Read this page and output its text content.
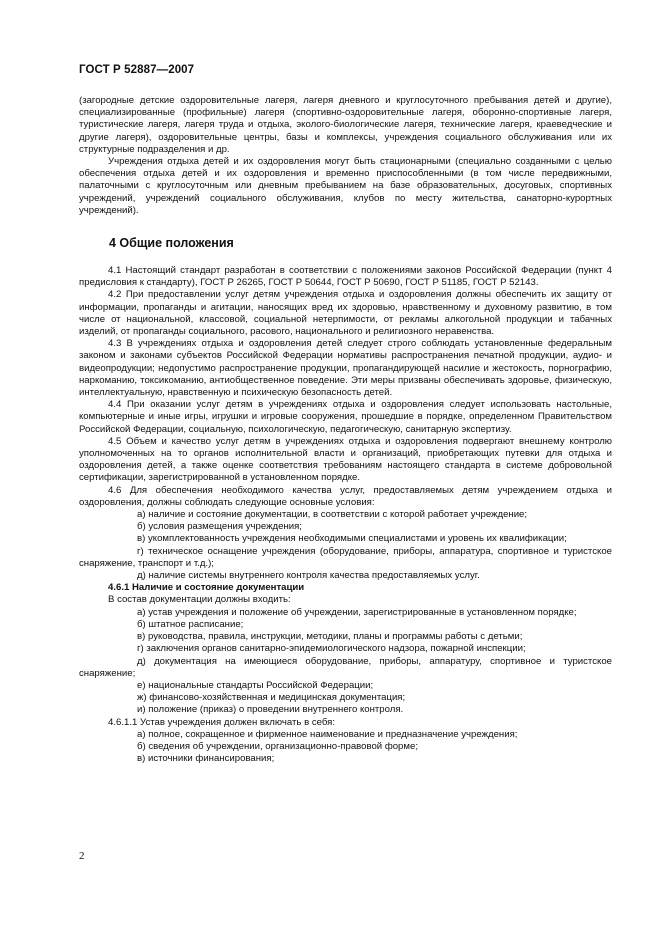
ГОСТ Р 52887—2007

(загородные детские оздоровительные лагеря, лагеря дневного и круглосуточного пребывания детей и другие), специализированные (профильные) лагеря (спортивно-оздоровительные лагеря, оборонно-спортивные лагеря, туристические лагеря, лагеря труда и отдыха, эколого-биологические лагеря, технические лагеря, краеведческие и другие лагеря), оздоровительные центры, базы и комплексы, учреждения социального обслуживания или их структурные подразделения и др.

Учреждения отдыха детей и их оздоровления могут быть стационарными (специально созданными с целью обеспечения отдыха детей и их оздоровления и временно приспособленными (в том числе передвижными, палаточными с круглосуточным или дневным пребыванием на базе образовательных, досуговых, спортивных учреждений, учреждений социального обслуживания, клубов по месту жительства, санаторно-курортных учреждений).

4 Общие положения

4.1 Настоящий стандарт разработан в соответствии с положениями законов Российской Федерации (пункт 4 предисловия к стандарту), ГОСТ Р 26265, ГОСТ Р 50644, ГОСТ Р 50690, ГОСТ Р 51185, ГОСТ Р 52143.

4.2 При предоставлении услуг детям учреждения отдыха и оздоровления должны обеспечить их защиту от информации, пропаганды и агитации, наносящих вред их здоровью, нравственному и духовному развитию, в том числе от национальной, классовой, социальной нетерпимости, от рекламы алкогольной продукции и табачных изделий, от пропаганды социального, расового, национального и религиозного неравенства.

4.3 В учреждениях отдыха и оздоровления детей следует строго соблюдать установленные федеральным законом и законами субъектов Российской Федерации нормативы распространения печатной продукции, аудио- и видеопродукции; недопустимо распространение продукции, пропагандирующей насилие и жестокость, порнографию, наркоманию, токсикоманию, антиобщественное поведение. Эти меры призваны обеспечивать здоровье, физическую, интеллектуальную, нравственную и психическую безопасность детей.

4.4 При оказании услуг детям в учреждениях отдыха и оздоровления следует использовать настольные, компьютерные и иные игры, игрушки и игровые сооружения, прошедшие в порядке, определенном Правительством Российской Федерации, социальную, психологическую, педагогическую, санитарную экспертизу.

4.5 Объем и качество услуг детям в учреждениях отдыха и оздоровления подвергают внешнему контролю уполномоченных на то органов исполнительной власти и организаций, приобретающих путевки для отдыха и оздоровления детей, а также оценке соответствия требованиям настоящего стандарта в системе добровольной сертификации, зарегистрированной в установленном порядке.

4.6 Для обеспечения необходимого качества услуг, предоставляемых детям учреждением отдыха и оздоровления, должны соблюдать следующие основные условия:

а) наличие и состояние документации, в соответствии с которой работает учреждение;

б) условия размещения учреждения;

в) укомплектованность учреждения необходимыми специалистами и уровень их квалификации;

г) техническое оснащение учреждения (оборудование, приборы, аппаратура, спортивное и туристское снаряжение, транспорт и т.д.);

д) наличие системы внутреннего контроля качества предоставляемых услуг.

4.6.1 Наличие и состояние документации

В состав документации должны входить:

а) устав учреждения и положение об учреждении, зарегистрированные в установленном порядке;

б) штатное расписание;

в) руководства, правила, инструкции, методики, планы и программы работы с детьми;

г) заключения органов санитарно-эпидемиологического надзора, пожарной инспекции;

д) документация на имеющиеся оборудование, приборы, аппаратуру, спортивное и туристское снаряжение;

е) национальные стандарты Российской Федерации;

ж) финансово-хозяйственная и медицинская документация;

и) положение (приказ) о проведении внутреннего контроля.

4.6.1.1 Устав учреждения должен включать в себя:

а) полное, сокращенное и фирменное наименование и предназначение учреждения;

б) сведения об учреждении, организационно-правовой форме;

в) источники финансирования;

2
